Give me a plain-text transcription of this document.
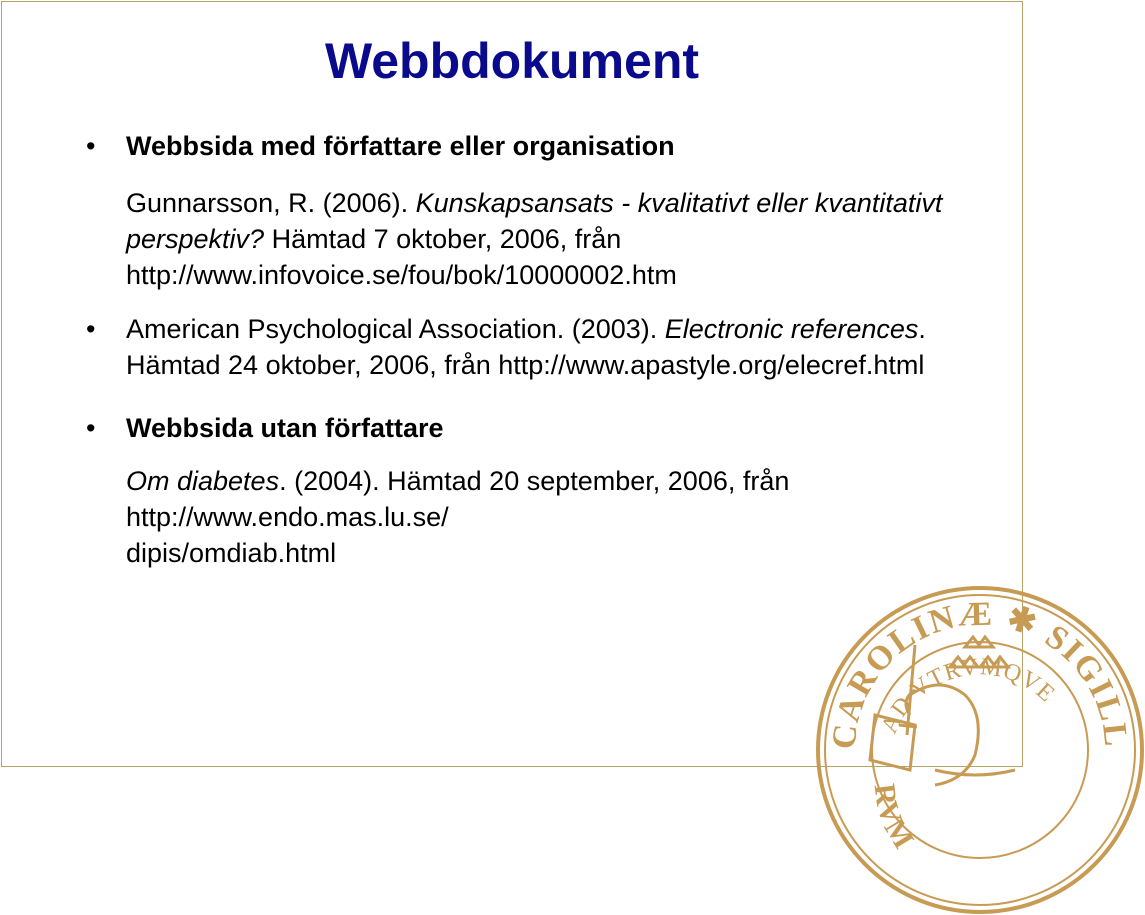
Webbdokument
•	Webbsida med författare eller organisation
Gunnarsson, R. (2006). Kunskapsansats - kvalitativt eller kvantitativt perspektiv? Hämtad 7 oktober, 2006, från http://www.infovoice.se/fou/bok/10000002.htm
•	American Psychological Association. (2003). Electronic references. Hämtad 24 oktober, 2006, från http://www.apastyle.org/elecref.html
•	Webbsida utan författare
Om diabetes. (2004). Hämtad 20 september, 2006, från http://www.endo.mas.lu.se/
dipis/omdiab.html
CAROLINÆ ✱ SIGILL
AD VTRVMQVE
RVM
